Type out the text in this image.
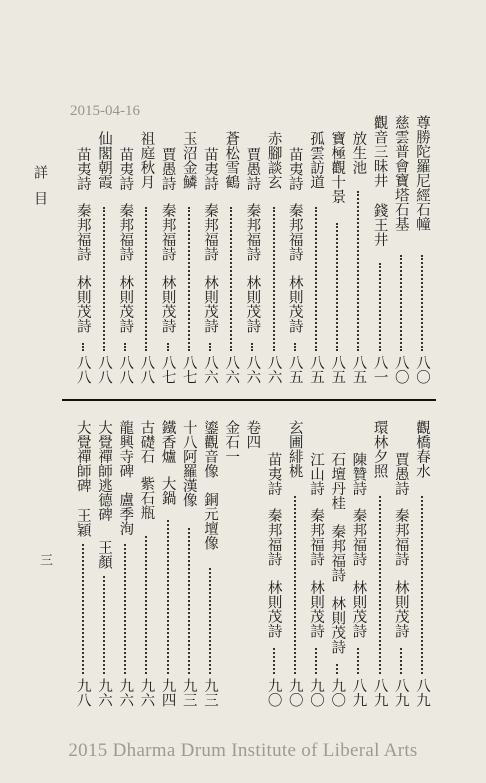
2015-04-16
詳目
三
尊勝陀羅尼經石幢
八〇
慈雲普會寶塔石基
八〇
觀音三昧井
錢王井
八一
放生池
八五
寶極觀十景
八五
孤雲訪道
八五
苗夷詩
秦邦福詩
林則茂詩
八五
赤腳談玄
八六
賈愚詩
秦邦福詩
林則茂詩
八六
蒼松雪鶴
八六
苗夷詩
秦邦福詩
林則茂詩
八六
玉沼金鱗
八七
賈愚詩
秦邦福詩
林則茂詩
八七
祖庭秋月
八八
苗夷詩
秦邦福詩
林則茂詩
八八
仙閣朝霞
八八
苗夷詩
秦邦福詩
林則茂詩
八八
觀橋春水
八九
賈愚詩
秦邦福詩
林則茂詩
八九
環林夕照
八九
陳贊詩
秦邦福詩
林則茂詩
八九
石壇丹桂
秦邦福詩
林則茂詩
九〇
江山詩
秦邦福詩
林則茂詩
九〇
玄圃緋桃
九〇
苗夷詩
秦邦福詩
林則茂詩
九〇
卷四
金石一
鎏觀音像
銅元壇像
九三
十八阿羅漢像
九三
鐵香爐
大鍋
九四
古礎石
紫石瓶
九六
龍興寺碑
盧季洵
九六
大覺禪師逃德碑
王顏
九六
大覺禪師碑
王穎
九八
2015 Dharma Drum Institute of Liberal Arts
